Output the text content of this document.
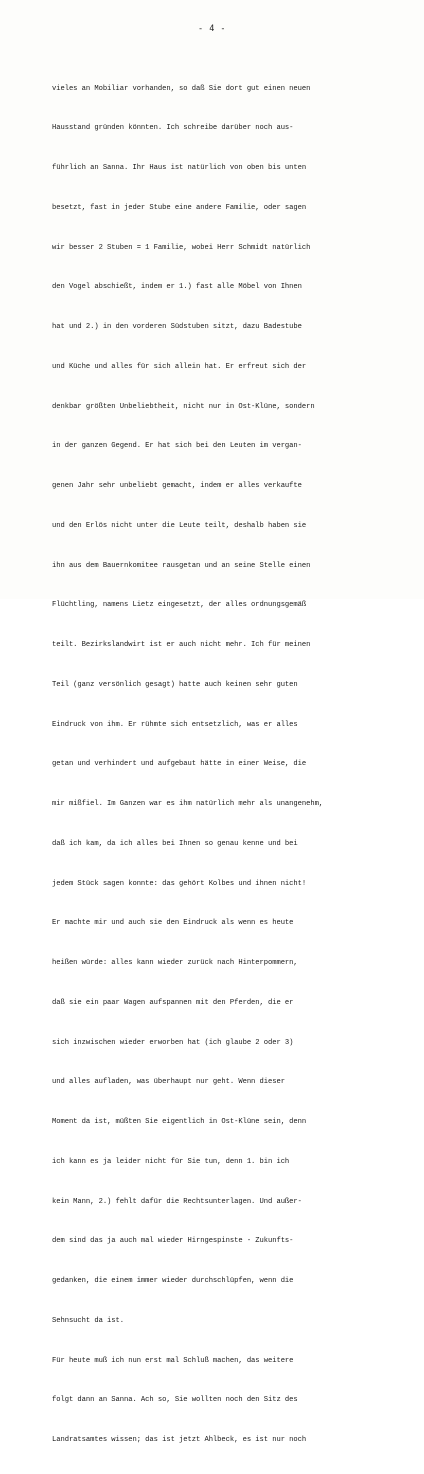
- 4 -

vieles an Mobiliar vorhanden, so daß Sie dort gut einen neuen

Hausstand gründen könnten. Ich schreibe darüber noch aus-

führlich an Sanna. Ihr Haus ist natürlich von oben bis unten

besetzt, fast in jeder Stube eine andere Familie, oder sagen

wir besser 2 Stuben = 1 Familie, wobei Herr Schmidt natürlich

den Vogel abschießt, indem er 1.) fast alle Möbel von Ihnen

hat und 2.) in den vorderen Südstuben sitzt, dazu Badestube

und Küche und alles für sich allein hat. Er erfreut sich der

denkbar größten Unbeliebtheit, nicht nur in Ost-Klüne, sondern

in der ganzen Gegend. Er hat sich bei den Leuten im vergan-

genen Jahr sehr unbeliebt gemacht, indem er alles verkaufte

und den Erlös nicht unter die Leute teilt, deshalb haben sie

ihn aus dem Bauernkomitee rausgetan und an seine Stelle einen

Flüchtling, namens Lietz eingesetzt, der alles ordnungsgemäß

teilt. Bezirkslandwirt ist er auch nicht mehr. Ich für meinen

Teil (ganz versönlich gesagt) hatte auch keinen sehr guten

Eindruck von ihm. Er rühmte sich entsetzlich, was er alles

getan und verhindert und aufgebaut hätte in einer Weise, die

mir mißfiel. Im Ganzen war es ihm natürlich mehr als unangenehm,

daß ich kam, da ich alles bei Ihnen so genau kenne und bei

jedem Stück sagen konnte: das gehört Kolbes und ihnen nicht!

Er machte mir und auch sie den Eindruck als wenn es heute

heißen würde: alles kann wieder zurück nach Hinterpommern,

daß sie ein paar Wagen aufspannen mit den Pferden, die er

sich inzwischen wieder erworben hat (ich glaube 2 oder 3)

und alles aufladen, was überhaupt nur geht. Wenn dieser

Moment da ist, müßten Sie eigentlich in Ost-Klüne sein, denn

ich kann es ja leider nicht für Sie tun, denn 1. bin ich

kein Mann, 2.) fehlt dafür die Rechtsunterlagen. Und außer-

dem sind das ja auch mal wieder Hirngespinste - Zukunfts-

gedanken, die einem immer wieder durchschlüpfen, wenn die

Sehnsucht da ist.

Für heute muß ich nun erst mal Schluß machen, das weitere

folgt dann an Sanna. Ach so, Sie wollten noch den Sitz des

Landratsamtes wissen; das ist jetzt Ahlbeck, es ist nur noch
